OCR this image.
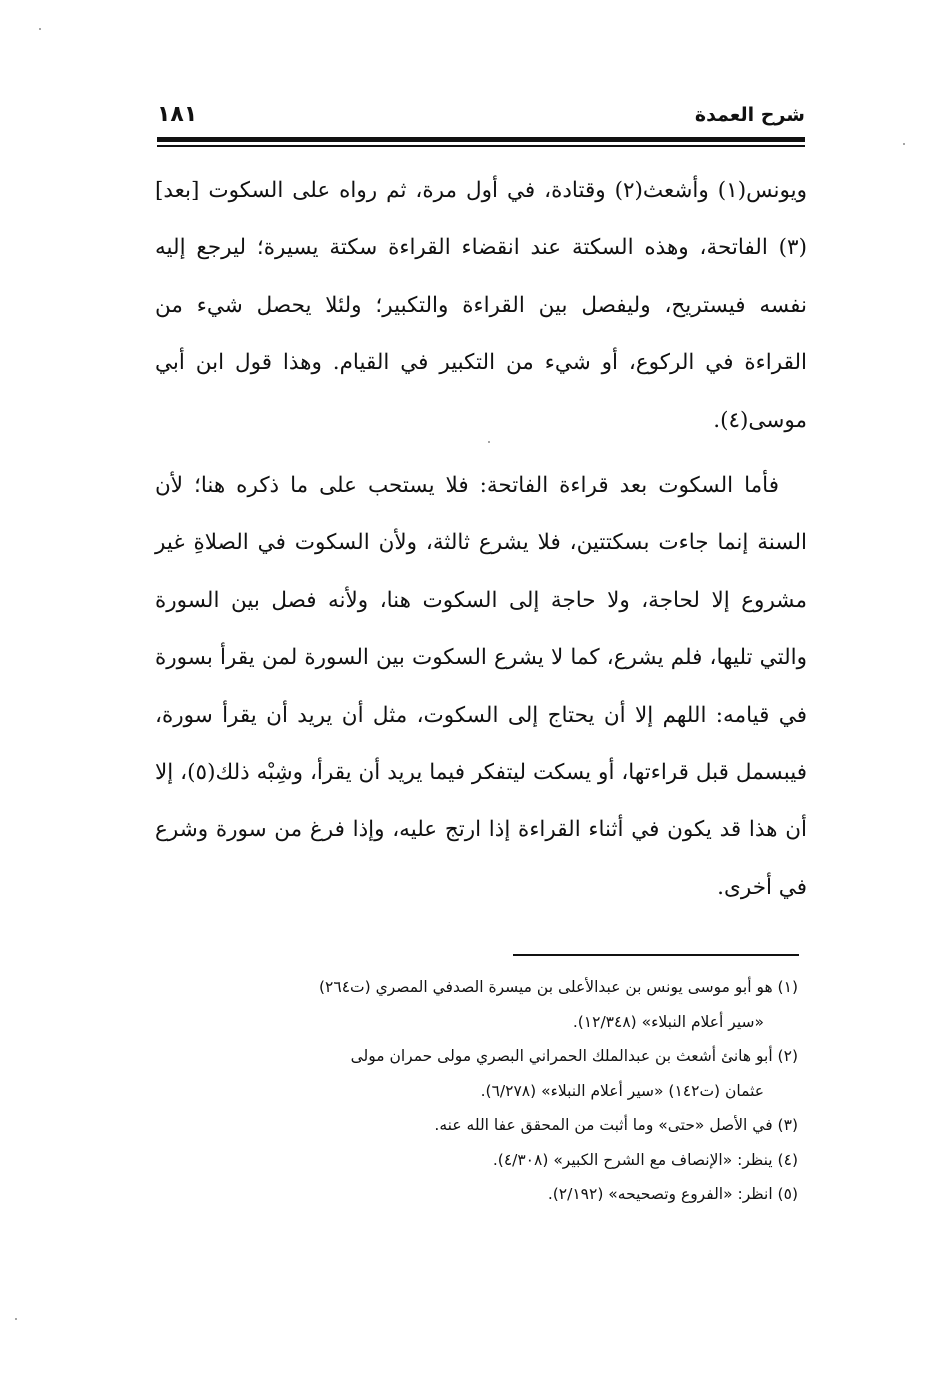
١٨١	شرح العمدة

ويونس(١) وأشعث(٢) وقتادة، في أول مرة، ثم رواه على السكوت [بعد](٣) الفاتحة، وهذه السكتة عند انقضاء القراءة سكتة يسيرة؛ ليرجع إليه نفسه فيستريح، وليفصل بين القراءة والتكبير؛ ولئلا يحصل شيء من القراءة في الركوع، أو شيء من التكبير في القيام. وهذا قول ابن أبي موسى(٤).

فأما السكوت بعد قراءة الفاتحة: فلا يستحب على ما ذكره هنا؛ لأن السنة إنما جاءت بسكتتين، فلا يشرع ثالثة، ولأن السكوت في الصلاةِ غير مشروع إلا لحاجة، ولا حاجة إلى السكوت هنا، ولأنه فصل بين السورة والتي تليها، فلم يشرع، كما لا يشرع السكوت بين السورة لمن يقرأ بسورة في قيامه: اللهم إلا أن يحتاج إلى السكوت، مثل أن يريد أن يقرأ سورة، فيبسمل قبل قراءتها، أو يسكت ليتفكر فيما يريد أن يقرأ، وشِبْه ذلك(٥)، إلا أن هذا قد يكون في أثناء القراءة إذا ارتج عليه، وإذا فرغ من سورة وشرع في أخرى.

(١) هو أبو موسى يونس بن عبدالأعلى بن ميسرة الصدفي المصري (ت٢٦٤)
«سير أعلام النبلاء» (١٢/٣٤٨).

(٢) أبو هانئ أشعث بن عبدالملك الحمراني البصري مولى حمران مولى
عثمان (ت١٤٢) «سير أعلام النبلاء» (٦/٢٧٨).

(٣) في الأصل «حتى» وما أثبت من المحقق عفا الله عنه.

(٤) ينظر: «الإنصاف مع الشرح الكبير» (٤/٣٠٨).

(٥) انظر: «الفروع وتصحيحه» (٢/١٩٢).
